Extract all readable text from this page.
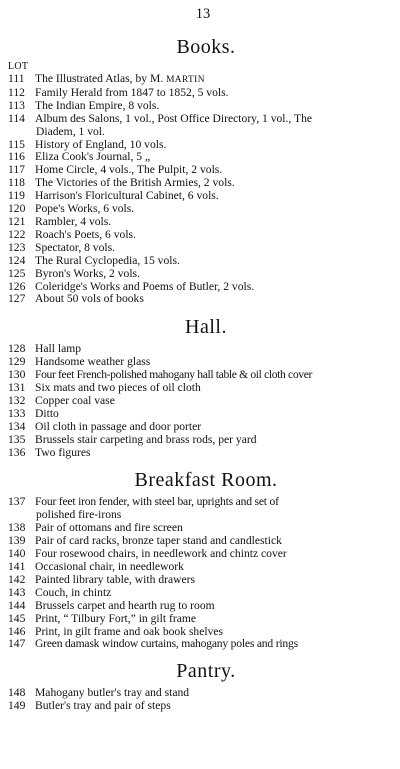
13
Books.
LOT
111 The Illustrated Atlas, by M. MARTIN
112 Family Herald from 1847 to 1852, 5 vols.
113 The Indian Empire, 8 vols.
114 Album des Salons, 1 vol., Post Office Directory, 1 vol., The
Diadem, 1 vol.
115 History of England, 10 vols.
116 Eliza Cook's Journal, 5 „
117 Home Circle, 4 vols., The Pulpit, 2 vols.
118 The Victories of the British Armies, 2 vols.
119 Harrison's Floricultural Cabinet, 6 vols.
120 Pope's Works, 6 vols.
121 Rambler, 4 vols.
122 Roach's Poets, 6 vols.
123 Spectator, 8 vols.
124 The Rural Cyclopedia, 15 vols.
125 Byron's Works, 2 vols.
126 Coleridge's Works and Poems of Butler, 2 vols.
127 About 50 vols of books
Hall.
128 Hall lamp
129 Handsome weather glass
130 Four feet French-polished mahogany hall table & oil cloth cover
131 Six mats and two pieces of oil cloth
132 Copper coal vase
133 Ditto
134 Oil cloth in passage and door porter
135 Brussels stair carpeting and brass rods, per yard
136 Two figures
Breakfast Room.
137 Four feet iron fender, with steel bar, uprights and set of
polished fire-irons
138 Pair of ottomans and fire screen
139 Pair of card racks, bronze taper stand and candlestick
140 Four rosewood chairs, in needlework and chintz cover
141 Occasional chair, in needlework
142 Painted library table, with drawers
143 Couch, in chintz
144 Brussels carpet and hearth rug to room
145 Print, “ Tilbury Fort,” in gilt frame
146 Print, in gilt frame and oak book shelves
147 Green damask window curtains, mahogany poles and rings
Pantry.
148 Mahogany butler's tray and stand
149 Butler's tray and pair of steps
